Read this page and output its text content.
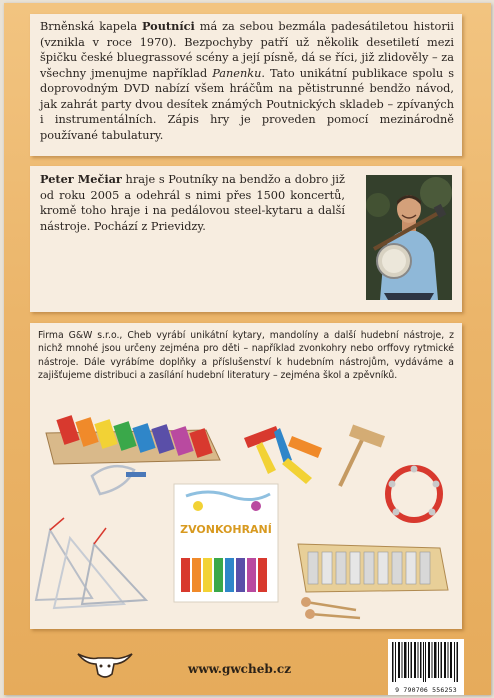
Brněnská kapela Poutníci má za sebou bezmála padesátiletou historii (vznikla v roce 1970). Bezpochyby patří už několik desetiletí mezi špičku české bluegrassové scény a její písně, dá se říci, již zlidověly – za všechny jmenujme například Panenku. Tato unikátní publikace spolu s doprovodným DVD nabízí všem hráčům na pětistrunné bendžo návod, jak zahrát party dvou desítek známých Poutnických skladeb – zpívaných i instrumentálních. Zápis hry je proveden pomocí mezinárodně používané tabulatury.

Peter Mečiar hraje s Poutníky na bendžo a dobro již od roku 2005 a odehrál s nimi přes 1500 koncertů, kromě toho hraje i na pedálovou steel-kytaru a další nástroje. Pochází z Prievidzy.

Firma G&W s.r.o., Cheb vyrábí unikátní kytary, mandolíny a další hudební nástroje, z nichž mnohé jsou určeny zejména pro děti – například zvonkohry nebo orffovy rytmické nástroje. Dále vyrábíme doplňky a příslušenství k hudebním nástrojům, vydáváme a zajišťujeme distribuci a zasílání hudební literatury – zejména škol a zpěvníků.

ZVONKOHRANÍ
www.gwcheb.cz
9 790706 556253
